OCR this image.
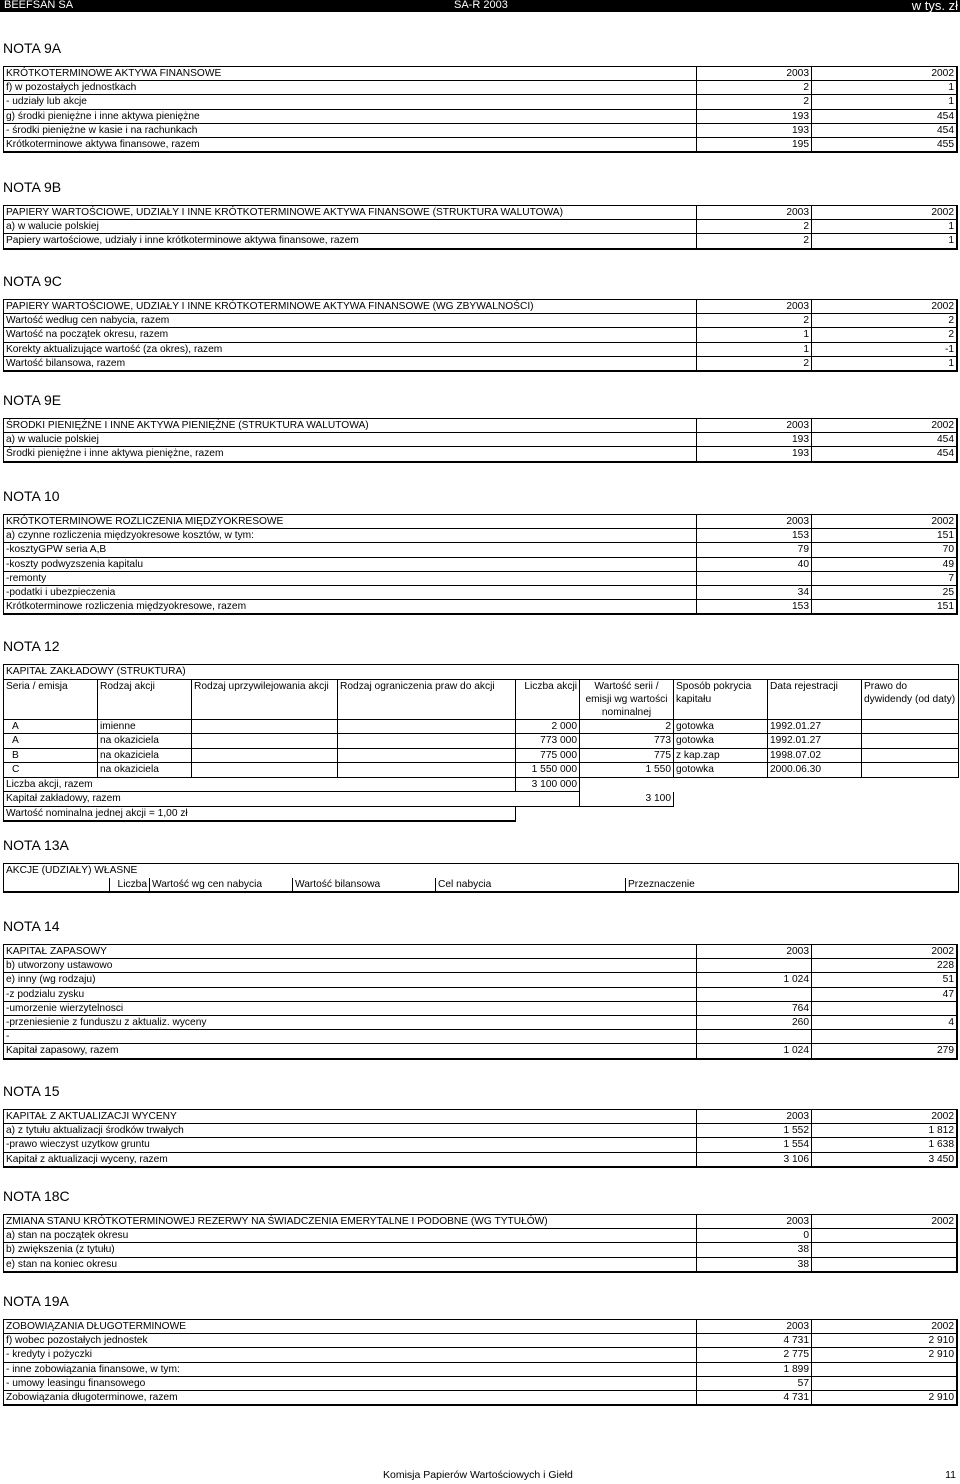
BEEFSAN SA	SA-R 2003	w tys. zł
NOTA 9A
KRÓTKOTERMINOWE AKTYWA FINANSOWE	2003	2002
f) w pozostałych jednostkach	2	1
- udziały lub akcje	2	1
g) środki pieniężne i inne aktywa pieniężne	193	454
- środki pieniężne w kasie i na rachunkach	193	454
Krótkoterminowe aktywa finansowe, razem	195	455
NOTA 9B
PAPIERY WARTOŚCIOWE, UDZIAŁY I INNE KRÓTKOTERMINOWE AKTYWA FINANSOWE (STRUKTURA WALUTOWA)	2003	2002
a) w walucie polskiej	2	1
Papiery wartościowe, udziały i inne krótkoterminowe aktywa finansowe, razem	2	1
NOTA 9C
PAPIERY WARTOŚCIOWE, UDZIAŁY I INNE KRÓTKOTERMINOWE AKTYWA FINANSOWE (WG ZBYWALNOŚCI)	2003	2002
Wartość według cen nabycia, razem	2	2
Wartość na początek okresu, razem	1	2
Korekty aktualizujące wartość (za okres), razem	1	-1
Wartość bilansowa, razem	2	1
NOTA 9E
ŚRODKI PIENIĘŻNE I INNE AKTYWA PIENIĘŻNE (STRUKTURA WALUTOWA)	2003	2002
a) w walucie polskiej	193	454
Środki pieniężne i inne aktywa pieniężne, razem	193	454
NOTA 10
KRÓTKOTERMINOWE ROZLICZENIA MIĘDZYOKRESOWE	2003	2002
a) czynne rozliczenia międzyokresowe kosztów, w tym:	153	151
-kosztyGPW seria A,B	79	70
-koszty podwyzszenia kapitalu	40	49
-remonty		7
-podatki i ubezpieczenia	34	25
Krótkoterminowe rozliczenia międzyokresowe, razem	153	151
NOTA 12
KAPITAŁ ZAKŁADOWY (STRUKTURA)								
Seria / emisja	Rodzaj akcji	Rodzaj uprzywilejowania akcji	Rodzaj ograniczenia praw do akcji	Liczba akcji	Wartość serii / emisji wg wartości nominalnej	Sposób pokrycia kapitału	Data rejestracji	Prawo do dywidendy (od daty)
A	imienne			2 000	2	gotowka	1992.01.27	
A	na okaziciela			773 000	773	gotowka	1992.01.27	
B	na okaziciela			775 000	775	z kap.zap	1998.07.02	
C	na okaziciela			1 550 000	1 550	gotowka	2000.06.30	
Liczba akcji, razem				3 100 000				
Kapitał zakładowy, razem					3 100			
Wartość nominalna jednej akcji = 1,00 zł								
NOTA 13A
AKCJE (UDZIAŁY) WŁASNE					
	Liczba	Wartość wg cen nabycia	Wartość bilansowa	Cel nabycia	Przeznaczenie
NOTA 14
KAPITAŁ ZAPASOWY	2003	2002
b) utworzony ustawowo		228
e) inny (wg rodzaju)	1 024	51
-z podzialu zysku		47
-umorzenie wierzytelnosci	764	
-przeniesienie z funduszu z aktualiz. wyceny	260	4
-		
Kapitał zapasowy, razem	1 024	279
NOTA 15
KAPITAŁ Z AKTUALIZACJI WYCENY	2003	2002
a) z tytułu aktualizacji środków trwałych	1 552	1 812
-prawo wieczyst uzytkow gruntu	1 554	1 638
Kapitał z aktualizacji wyceny, razem	3 106	3 450
NOTA 18C
ZMIANA STANU KRÓTKOTERMINOWEJ REZERWY NA ŚWIADCZENIA EMERYTALNE I PODOBNE (WG TYTUŁÓW)	2003	2002
a) stan na początek okresu	0	
b) zwiększenia (z tytułu)	38	
e) stan na koniec okresu	38	
NOTA 19A
ZOBOWIĄZANIA DŁUGOTERMINOWE	2003	2002
f) wobec pozostałych jednostek	4 731	2 910
- kredyty i pożyczki	2 775	2 910
- inne zobowiązania finansowe, w tym:	1 899	
- umowy leasingu finansowego	57	
Zobowiązania długoterminowe, razem	4 731	2 910
Komisja Papierów Wartościowych i Giełd	11
